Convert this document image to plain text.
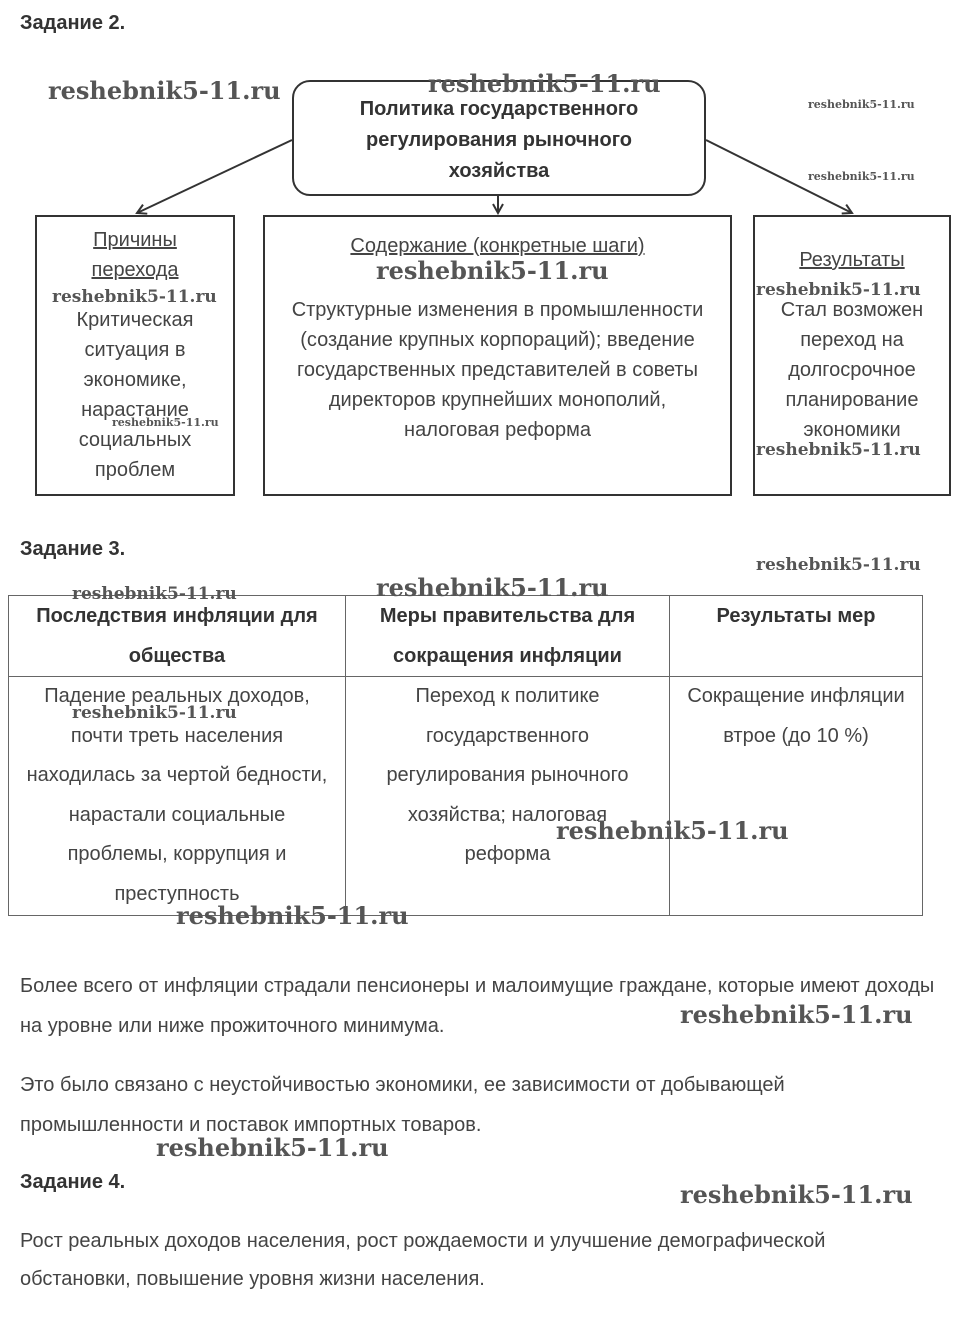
Задание 2.
Политика государственного регулирования рыночного хозяйства
Причины перехода
Критическая ситуация в экономике, нарастание социальных проблем
Содержание (конкретные шаги)
Структурные изменения в промышленности (создание крупных корпораций); введение государственных представителей в советы директоров крупнейших монополий, налоговая реформа
Результаты
Стал возможен переход на долгосрочное планирование экономики
Задание 3.
Последствия инфляции для общества	Меры правительства для сокращения инфляции	Результаты мер
Падение реальных доходов, почти треть населения находилась за чертой бедности, нарастали социальные проблемы, коррупция и преступность	Переход к политике государственного регулирования рыночного хозяйства; налоговая реформа	Сокращение инфляции втрое (до 10 %)
Более всего от инфляции страдали пенсионеры и малоимущие граждане, которые имеют доходы на уровне или ниже прожиточного минимума.
Это было связано с неустойчивостью экономики, ее зависимости от добывающей промышленности и поставок импортных товаров.
Задание 4.
Рост реальных доходов населения, рост рождаемости и улучшение демографической обстановки, повышение уровня жизни населения.
reshebnik5-11.ru	reshebnik5-11.ru
reshebnik5-11.ru
reshebnik5-11.ru
reshebnik5-11.ru
reshebnik5-11.ru	reshebnik5-11.ru
reshebnik5-11.ru
reshebnik5-11.ru
reshebnik5-11.ru
reshebnik5-11.ru	reshebnik5-11.ru
reshebnik5-11.ru
reshebnik5-11.ru
reshebnik5-11.ru
reshebnik5-11.ru
reshebnik5-11.ru
reshebnik5-11.ru
